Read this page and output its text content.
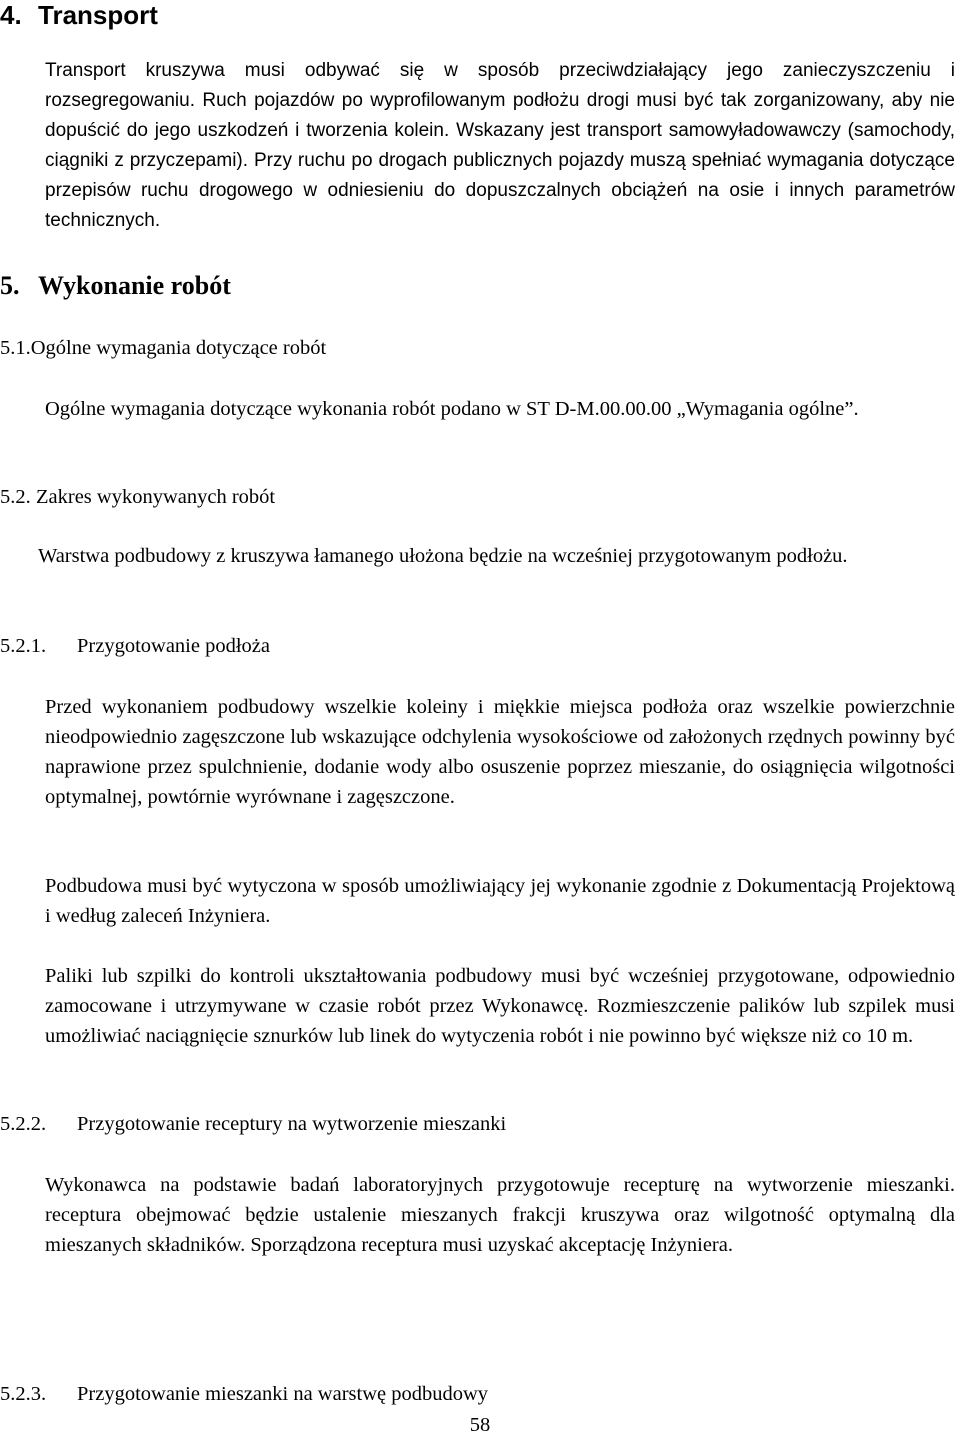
4. Transport

Transport kruszywa musi odbywać się w sposób przeciwdziałający jego zanieczyszczeniu i rozsegregowaniu. Ruch pojazdów po wyprofilowanym podłożu drogi musi być tak zorganizowany, aby nie dopuścić do jego uszkodzeń i tworzenia kolein. Wskazany jest transport samowyładowawczy (samochody, ciągniki z przyczepami). Przy ruchu po drogach publicznych pojazdy muszą spełniać wymagania dotyczące przepisów ruchu drogowego w odniesieniu do dopuszczalnych obciążeń na osie i innych parametrów technicznych.

5. Wykonanie robót
5.1.Ogólne wymagania dotyczące robót

Ogólne wymagania dotyczące wykonania robót podano w ST D-M.00.00.00 „Wymagania ogólne”.

5.2. Zakres wykonywanych robót

Warstwa podbudowy z kruszywa łamanego ułożona będzie na wcześniej przygotowanym podłożu.

5.2.1. Przygotowanie podłoża

Przed wykonaniem podbudowy wszelkie koleiny i miękkie miejsca podłoża oraz wszelkie powierzchnie nieodpowiednio zagęszczone lub wskazujące odchylenia wysokościowe od założonych rzędnych powinny być naprawione przez spulchnienie, dodanie wody albo osuszenie poprzez mieszanie, do osiągnięcia wilgotności optymalnej, powtórnie wyrównane i zagęszczone.

Podbudowa musi być wytyczona w sposób umożliwiający jej wykonanie zgodnie z Dokumentacją Projektową i według zaleceń Inżyniera.

Paliki lub szpilki do kontroli ukształtowania podbudowy musi być wcześniej przygotowane, odpowiednio zamocowane i utrzymywane w czasie robót przez Wykonawcę. Rozmieszczenie palików lub szpilek musi umożliwiać naciągnięcie sznurków lub linek do wytyczenia robót i nie powinno być większe niż co 10 m.

5.2.2. Przygotowanie receptury na wytworzenie mieszanki

Wykonawca na podstawie badań laboratoryjnych przygotowuje recepturę na wytworzenie mieszanki. receptura obejmować będzie ustalenie mieszanych frakcji kruszywa oraz wilgotność optymalną dla mieszanych składników. Sporządzona receptura musi uzyskać akceptację Inżyniera.

5.2.3. Przygotowanie mieszanki na warstwę podbudowy
58
